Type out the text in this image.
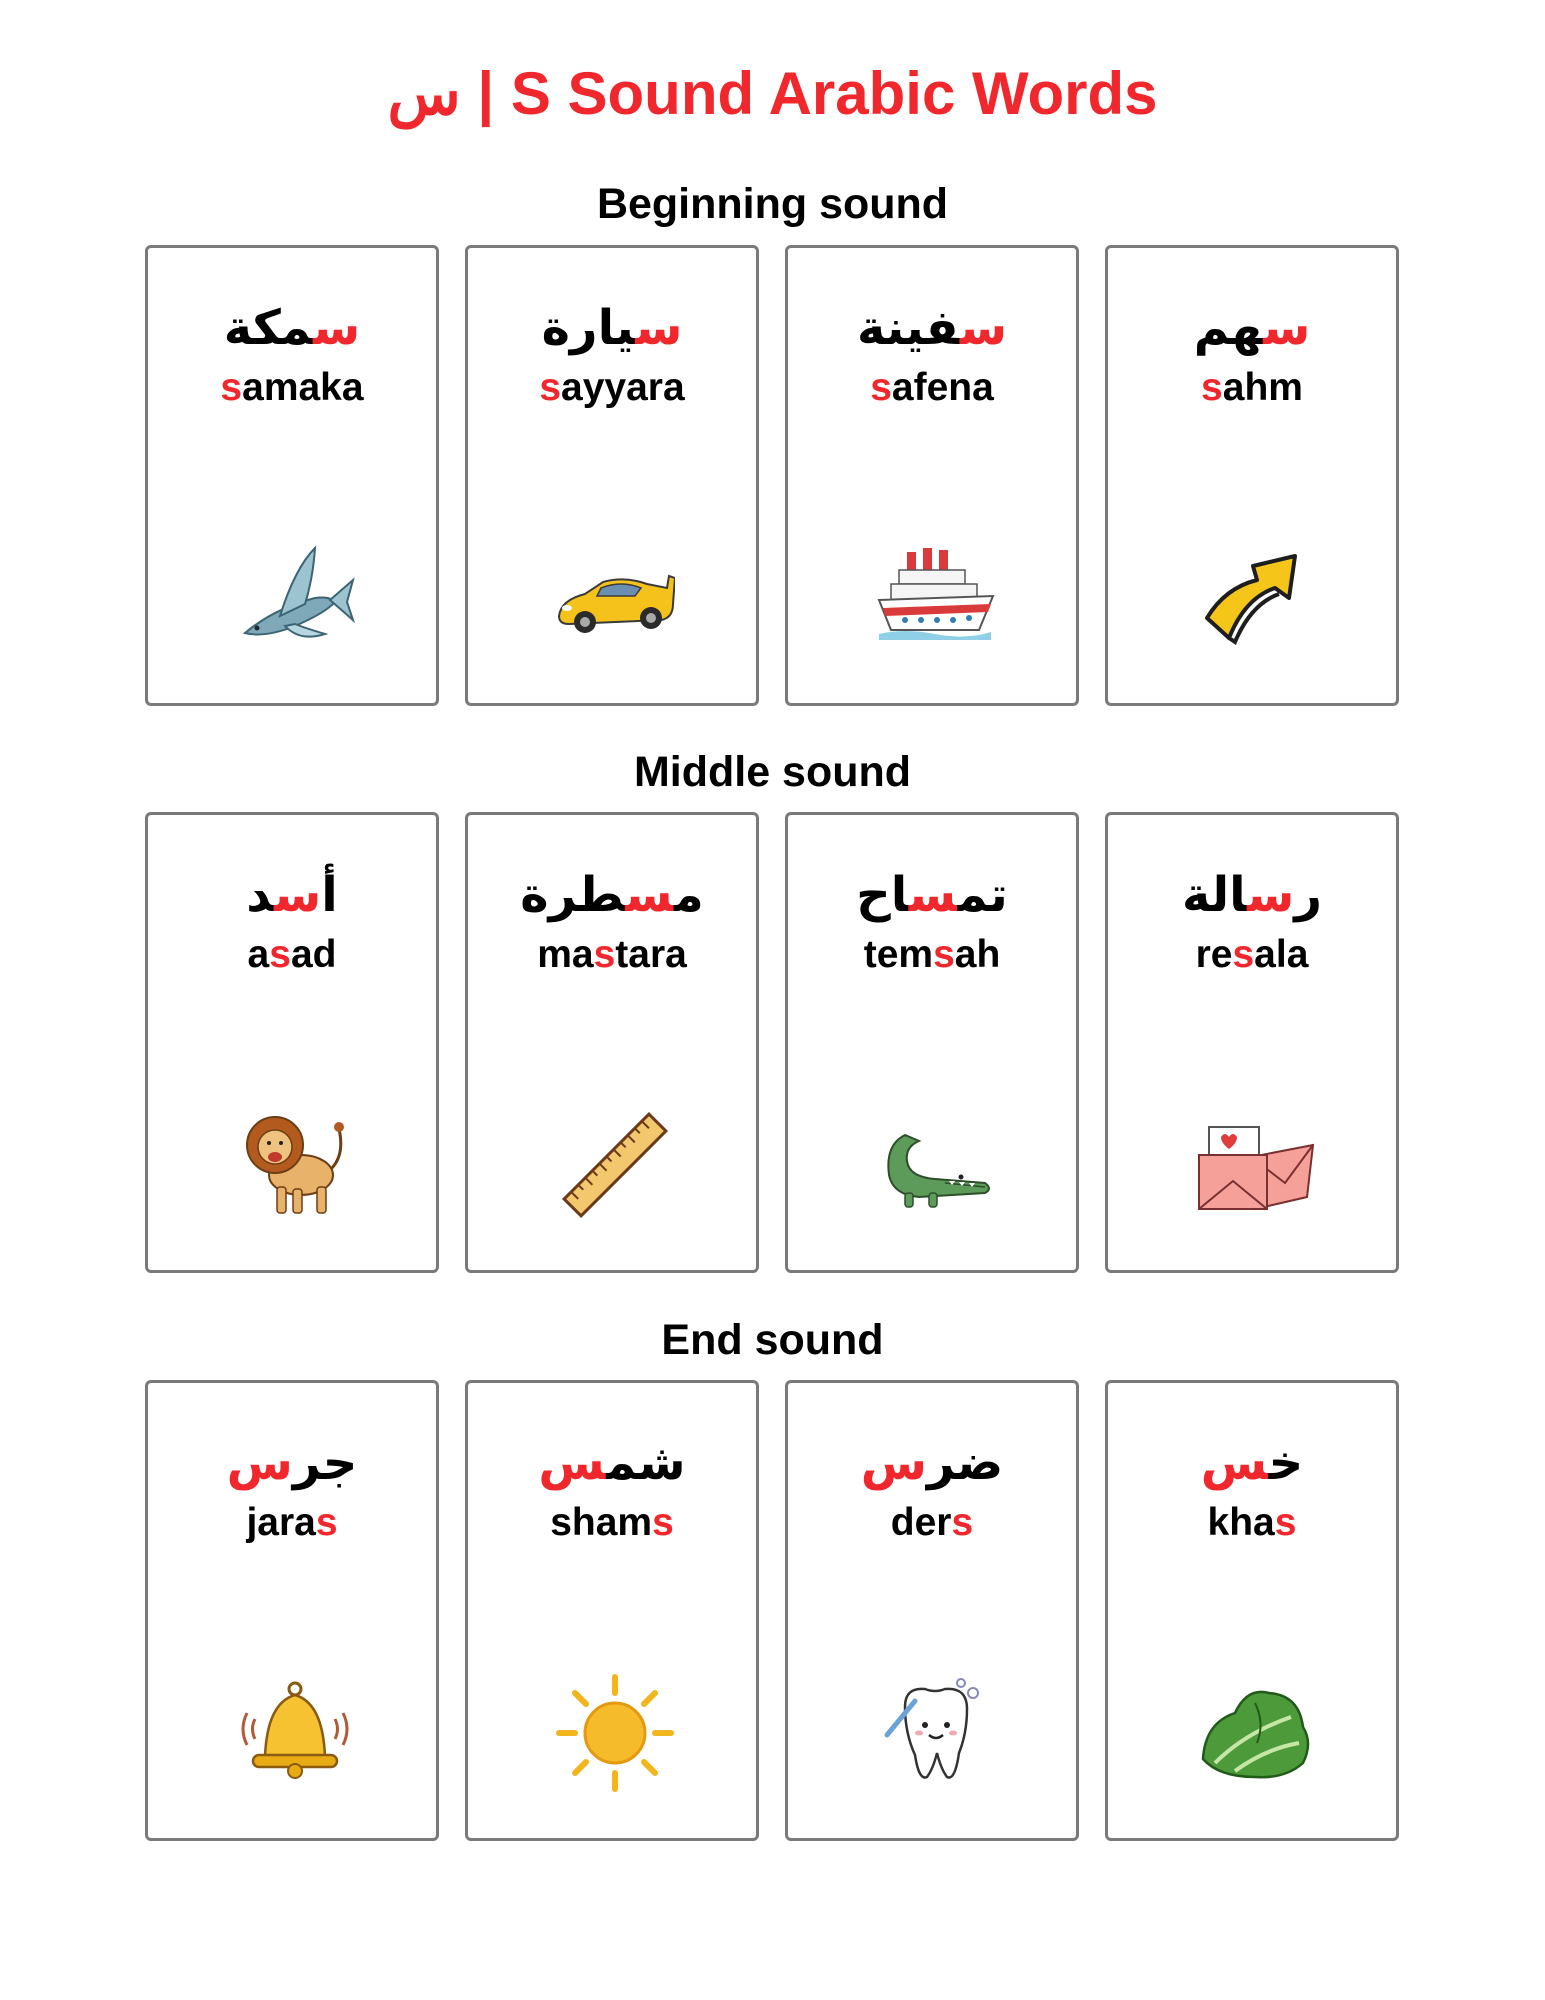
س | S Sound Arabic Words
Beginning sound
سمكة
samaka
سيارة
sayyara
سفينة
safena
سهم
sahm
Middle sound
أسد
asad
مسطرة
mastara
تمساح
temsah
رسالة
resala
End sound
جرس
jaras
شمس
shams
ضرس
ders
خس
khas
